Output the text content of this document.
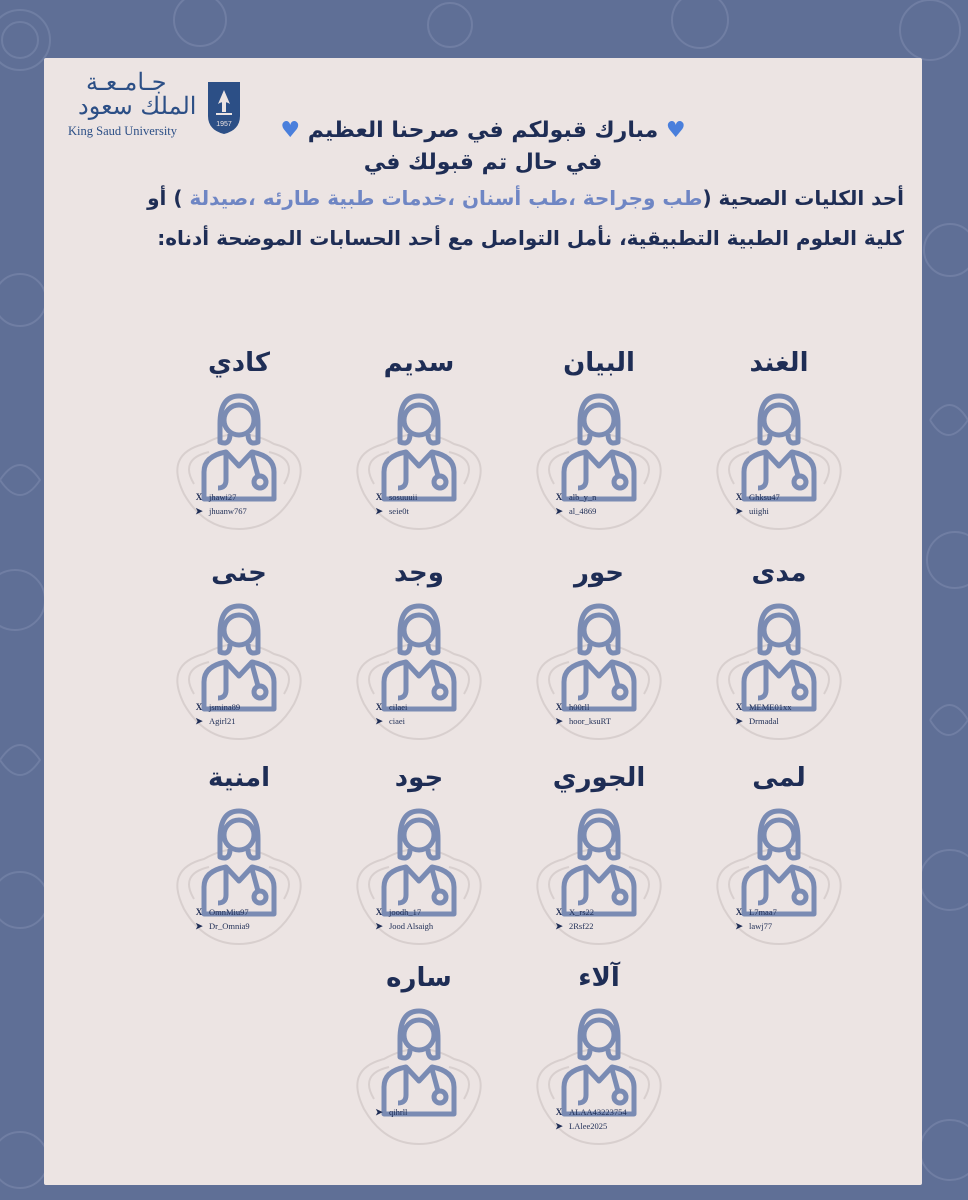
جـامـعـة
الملك سعود
King Saud University	1957	♥ مبارك قبولكم في صرحنا العظيم ♥
في حال تم قبولك في
أحد الكليات الصحية (طب وجراحة ،طب أسنان ،خدمات طبية طارئه ،صيدلة ) أو
كلية العلوم الطبية التطبيقية، نأمل التواصل مع أحد الحسابات الموضحة أدناه:
الغند
X Ghksu47
➤ uiighi
البيان
X alb_y_n
➤ al_4869
سديم
X sosuuuii
➤ seie0t
كادي
X jhawi27
➤ jhuanw767
مدى
X MEME01xx
➤ Drmadal
حور
X h00rll
➤ hoor_ksuRT
وجد
X cilaei
➤ ciaei
جنى
X jsmina89
➤ Agirl21
لمى
X L7maa7
➤ lawj77
الجوري
X X_rs22
➤ 2Rsf22
جود
X joodh_17
➤ Jood Alsaigh
امنية
X OmnMiu97
➤ Dr_Omnia9
آلاء
X ALAA43223754
➤ LAlee2025
ساره
➤ qihrll
